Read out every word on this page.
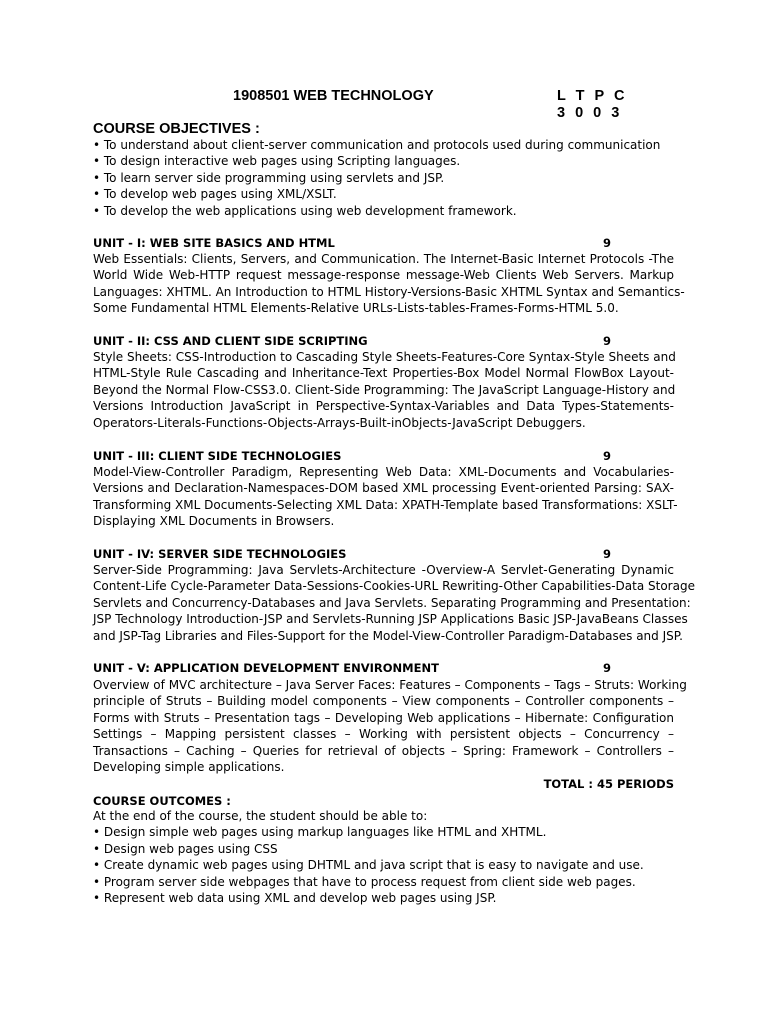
1908501 WEB TECHNOLOGY	L T P C
3 0 0 3
COURSE OBJECTIVES :
• To understand about client-server communication and protocols used during communication
• To design interactive web pages using Scripting languages.
• To learn server side programming using servlets and JSP.
• To develop web pages using XML/XSLT.
• To develop the web applications using web development framework.
UNIT - I: WEB SITE BASICS AND HTML	9
Web Essentials: Clients, Servers, and Communication. The Internet-Basic Internet Protocols -The
World Wide Web-HTTP request message-response message-Web Clients Web Servers. Markup
Languages: XHTML. An Introduction to HTML History-Versions-Basic XHTML Syntax and Semantics-
Some Fundamental HTML Elements-Relative URLs-Lists-tables-Frames-Forms-HTML 5.0.
UNIT - II: CSS AND CLIENT SIDE SCRIPTING	9
Style Sheets: CSS-Introduction to Cascading Style Sheets-Features-Core Syntax-Style Sheets and
HTML-Style Rule Cascading and Inheritance-Text Properties-Box Model Normal FlowBox Layout-
Beyond the Normal Flow-CSS3.0. Client-Side Programming: The JavaScript Language-History and
Versions Introduction JavaScript in Perspective-Syntax-Variables and Data Types-Statements-
Operators-Literals-Functions-Objects-Arrays-Built-inObjects-JavaScript Debuggers.
UNIT - III: CLIENT SIDE TECHNOLOGIES	9
Model-View-Controller Paradigm, Representing Web Data: XML-Documents and Vocabularies-
Versions and Declaration-Namespaces-DOM based XML processing Event-oriented Parsing: SAX-
Transforming XML Documents-Selecting XML Data: XPATH-Template based Transformations: XSLT-
Displaying XML Documents in Browsers.
UNIT - IV: SERVER SIDE TECHNOLOGIES	9
Server-Side Programming: Java Servlets-Architecture -Overview-A Servlet-Generating Dynamic
Content-Life Cycle-Parameter Data-Sessions-Cookies-URL Rewriting-Other Capabilities-Data Storage
Servlets and Concurrency-Databases and Java Servlets. Separating Programming and Presentation:
JSP Technology Introduction-JSP and Servlets-Running JSP Applications Basic JSP-JavaBeans Classes
and JSP-Tag Libraries and Files-Support for the Model-View-Controller Paradigm-Databases and JSP.
UNIT - V: APPLICATION DEVELOPMENT ENVIRONMENT	9
Overview of MVC architecture – Java Server Faces: Features – Components – Tags – Struts: Working
principle of Struts – Building model components – View components – Controller components –
Forms with Struts – Presentation tags – Developing Web applications – Hibernate: Configuration
Settings – Mapping persistent classes – Working with persistent objects – Concurrency –
Transactions – Caching – Queries for retrieval of objects – Spring: Framework – Controllers –
Developing simple applications.
TOTAL : 45 PERIODS
COURSE OUTCOMES :
At the end of the course, the student should be able to:
• Design simple web pages using markup languages like HTML and XHTML.
• Design web pages using CSS
• Create dynamic web pages using DHTML and java script that is easy to navigate and use.
• Program server side webpages that have to process request from client side web pages.
• Represent web data using XML and develop web pages using JSP.
